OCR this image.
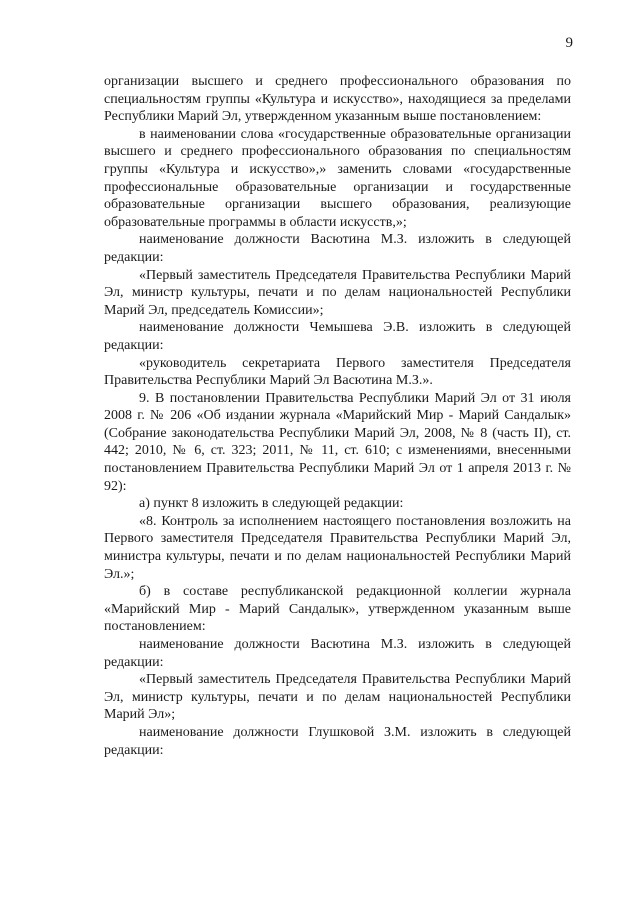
9

организации высшего и среднего профессионального образования по специальностям группы «Культура и искусство», находящиеся за пределами Республики Марий Эл, утвержденном указанным выше постановлением:

в наименовании слова «государственные образовательные организации высшего и среднего профессионального образования по специальностям группы «Культура и искусство»,» заменить словами «государственные профессиональные образовательные организации и государственные образовательные организации высшего образования, реализующие образовательные программы в области искусств,»;

наименование должности Васютина М.З. изложить в следующей редакции:

«Первый заместитель Председателя Правительства Республики Марий Эл, министр культуры, печати и по делам национальностей Республики Марий Эл, председатель Комиссии»;

наименование должности Чемышева Э.В. изложить в следующей редакции:

«руководитель секретариата Первого заместителя Председателя Правительства Республики Марий Эл Васютина М.З.».

9. В постановлении Правительства Республики Марий Эл от 31 июля 2008 г. № 206 «Об издании журнала «Марийский Мир - Марий Сандалык» (Собрание законодательства Республики Марий Эл, 2008, № 8 (часть II), ст. 442; 2010, № 6, ст. 323; 2011, № 11, ст. 610; с изменениями, внесенными постановлением Правительства Республики Марий Эл от 1 апреля 2013 г. № 92):

а) пункт 8 изложить в следующей редакции:

«8. Контроль за исполнением настоящего постановления возложить на Первого заместителя Председателя Правительства Республики Марий Эл, министра культуры, печати и по делам национальностей Республики Марий Эл.»;

б) в составе республиканской редакционной коллегии журнала «Марийский Мир - Марий Сандалык», утвержденном указанным выше постановлением:

наименование должности Васютина М.З. изложить в следующей редакции:

«Первый заместитель Председателя Правительства Республики Марий Эл, министр культуры, печати и по делам национальностей Республики Марий Эл»;

наименование должности Глушковой З.М. изложить в следующей редакции:
